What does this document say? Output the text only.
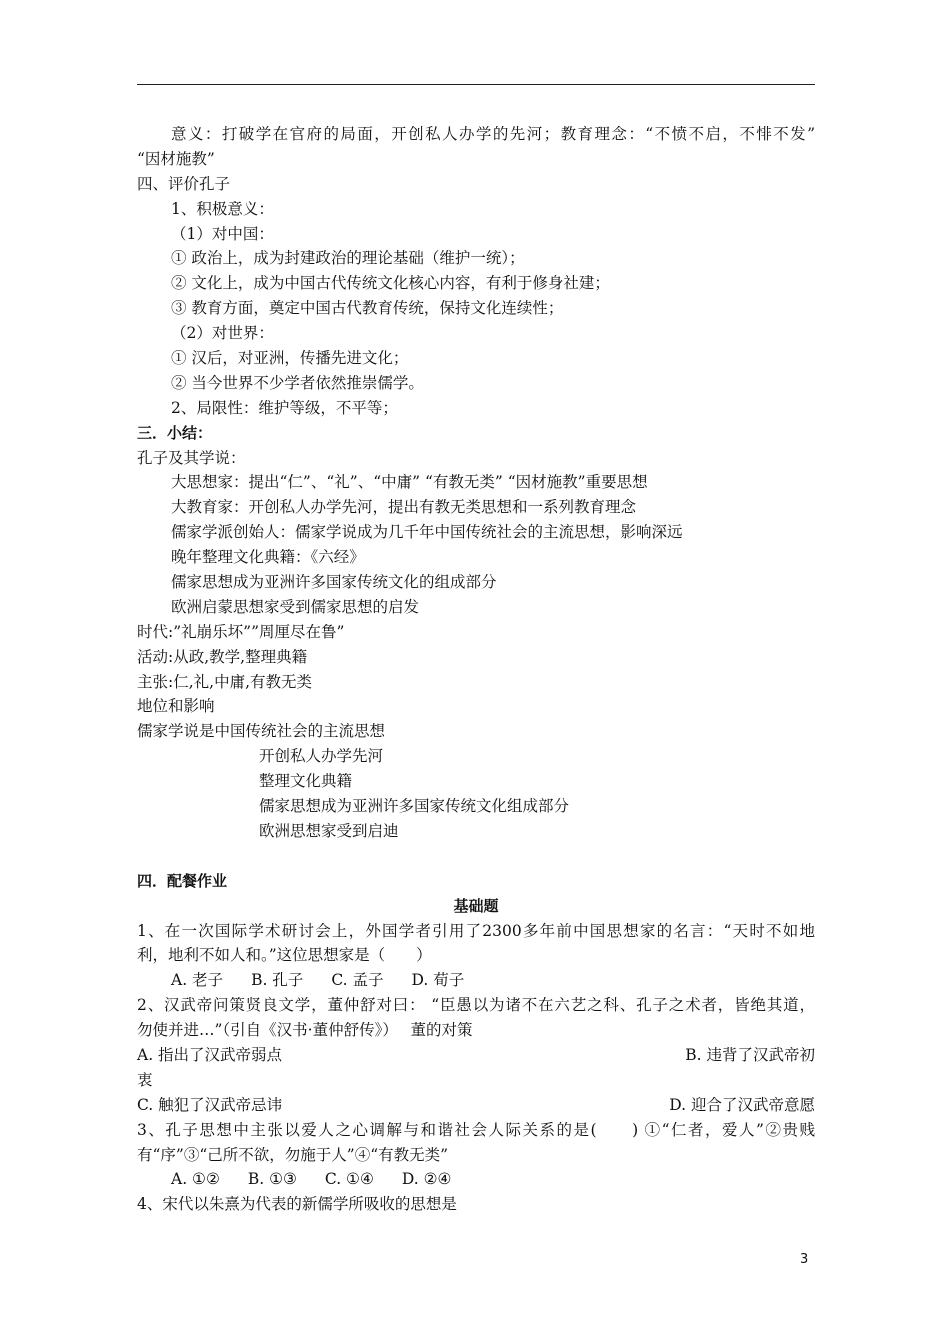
意义：打破学在官府的局面，开创私人办学的先河；教育理念：“不愤不启，不悱不发”
“因材施教”
四、评价孔子
1、积极意义：
（1）对中国：
① 政治上，成为封建政治的理论基础（维护一统）；
② 文化上，成为中国古代传统文化核心内容，有利于修身社建；
③ 教育方面，奠定中国古代教育传统，保持文化连续性；
（2）对世界：
① 汉后，对亚洲，传播先进文化；
② 当今世界不少学者依然推崇儒学。
2、局限性：维护等级，不平等；
三．小结：
孔子及其学说：
大思想家：提出“仁”、“礼”、“中庸” “有教无类” “因材施教”重要思想
大教育家：开创私人办学先河，提出有教无类思想和一系列教育理念
儒家学派创始人：儒家学说成为几千年中国传统社会的主流思想，影响深远
晚年整理文化典籍：《六经》
儒家思想成为亚洲许多国家传统文化的组成部分
欧洲启蒙思想家受到儒家思想的启发
时代:”礼崩乐坏””周厘尽在鲁”
活动:从政,教学,整理典籍
主张:仁,礼,中庸,有教无类
地位和影响
儒家学说是中国传统社会的主流思想
开创私人办学先河
整理文化典籍
儒家思想成为亚洲许多国家传统文化组成部分
欧洲思想家受到启迪
四．配餐作业
基础题
1、在一次国际学术研讨会上，外国学者引用了2300多年前中国思想家的名言：“天时不如地
利，地利不如人和。”这位思想家是（　　）
A. 老子 B. 孔子 C. 孟子 D. 荀子
2、汉武帝问策贤良文学，董仲舒对曰： “臣愚以为诸不在六艺之科、孔子之术者，皆绝其道，
勿使并进…”（引自《汉书·董仲舒传》）　 董的对策
A. 指出了汉武帝弱点	B. 违背了汉武帝初
衷
C. 触犯了汉武帝忌讳	D. 迎合了汉武帝意愿
3、孔子思想中主张以爱人之心调解与和谐社会人际关系的是(　　) ①“仁者，爱人”②贵贱
有“序”③“己所不欲，勿施于人”④“有教无类”
A. ①② B. ①③ C. ①④ D. ②④
4、宋代以朱熹为代表的新儒学所吸收的思想是
3
